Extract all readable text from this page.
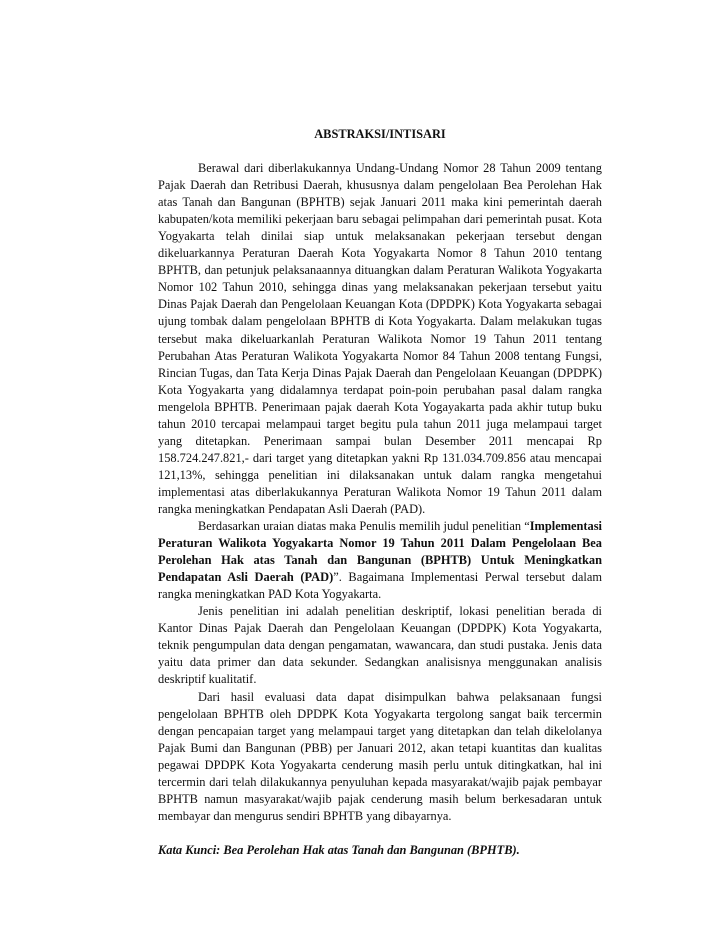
ABSTRAKSI/INTISARI

Berawal dari diberlakukannya Undang-Undang Nomor 28 Tahun 2009 tentang Pajak Daerah dan Retribusi Daerah, khususnya dalam pengelolaan Bea Perolehan Hak atas Tanah dan Bangunan (BPHTB) sejak Januari 2011 maka kini pemerintah daerah kabupaten/kota memiliki pekerjaan baru sebagai pelimpahan dari pemerintah pusat. Kota Yogyakarta telah dinilai siap untuk melaksanakan pekerjaan tersebut dengan dikeluarkannya Peraturan Daerah Kota Yogyakarta Nomor 8 Tahun 2010 tentang BPHTB, dan petunjuk pelaksanaannya dituangkan dalam Peraturan Walikota Yogyakarta Nomor 102 Tahun 2010, sehingga dinas yang melaksanakan pekerjaan tersebut yaitu Dinas Pajak Daerah dan Pengelolaan Keuangan Kota (DPDPK) Kota Yogyakarta sebagai ujung tombak dalam pengelolaan BPHTB di Kota Yogyakarta. Dalam melakukan tugas tersebut maka dikeluarkanlah Peraturan Walikota Nomor 19 Tahun 2011 tentang Perubahan Atas Peraturan Walikota Yogyakarta Nomor 84 Tahun 2008 tentang Fungsi, Rincian Tugas, dan Tata Kerja Dinas Pajak Daerah dan Pengelolaan Keuangan (DPDPK) Kota Yogyakarta yang didalamnya terdapat poin-poin perubahan pasal dalam rangka mengelola BPHTB. Penerimaan pajak daerah Kota Yogayakarta pada akhir tutup buku tahun 2010 tercapai melampaui target begitu pula tahun 2011 juga melampaui target yang ditetapkan. Penerimaan sampai bulan Desember 2011 mencapai Rp 158.724.247.821,- dari target yang ditetapkan yakni Rp 131.034.709.856 atau mencapai 121,13%, sehingga penelitian ini dilaksanakan untuk dalam rangka mengetahui implementasi atas diberlakukannya Peraturan Walikota Nomor 19 Tahun 2011 dalam rangka meningkatkan Pendapatan Asli Daerah (PAD).

Berdasarkan uraian diatas maka Penulis memilih judul penelitian “Implementasi Peraturan Walikota Yogyakarta Nomor 19 Tahun 2011 Dalam Pengelolaan Bea Perolehan Hak atas Tanah dan Bangunan (BPHTB) Untuk Meningkatkan Pendapatan Asli Daerah (PAD)”. Bagaimana Implementasi Perwal tersebut dalam rangka meningkatkan PAD Kota Yogyakarta.

Jenis penelitian ini adalah penelitian deskriptif, lokasi penelitian berada di Kantor Dinas Pajak Daerah dan Pengelolaan Keuangan (DPDPK) Kota Yogyakarta, teknik pengumpulan data dengan pengamatan, wawancara, dan studi pustaka. Jenis data yaitu data primer dan data sekunder. Sedangkan analisisnya menggunakan analisis deskriptif kualitatif.

Dari hasil evaluasi data dapat disimpulkan bahwa pelaksanaan fungsi pengelolaan BPHTB oleh DPDPK Kota Yogyakarta tergolong sangat baik tercermin dengan pencapaian target yang melampaui target yang ditetapkan dan telah dikelolanya Pajak Bumi dan Bangunan (PBB) per Januari 2012, akan tetapi kuantitas dan kualitas pegawai DPDPK Kota Yogyakarta cenderung masih perlu untuk ditingkatkan, hal ini tercermin dari telah dilakukannya penyuluhan kepada masyarakat/wajib pajak pembayar BPHTB namun masyarakat/wajib pajak cenderung masih belum berkesadaran untuk membayar dan mengurus sendiri BPHTB yang dibayarnya.

Kata Kunci: Bea Perolehan Hak atas Tanah dan Bangunan (BPHTB).
